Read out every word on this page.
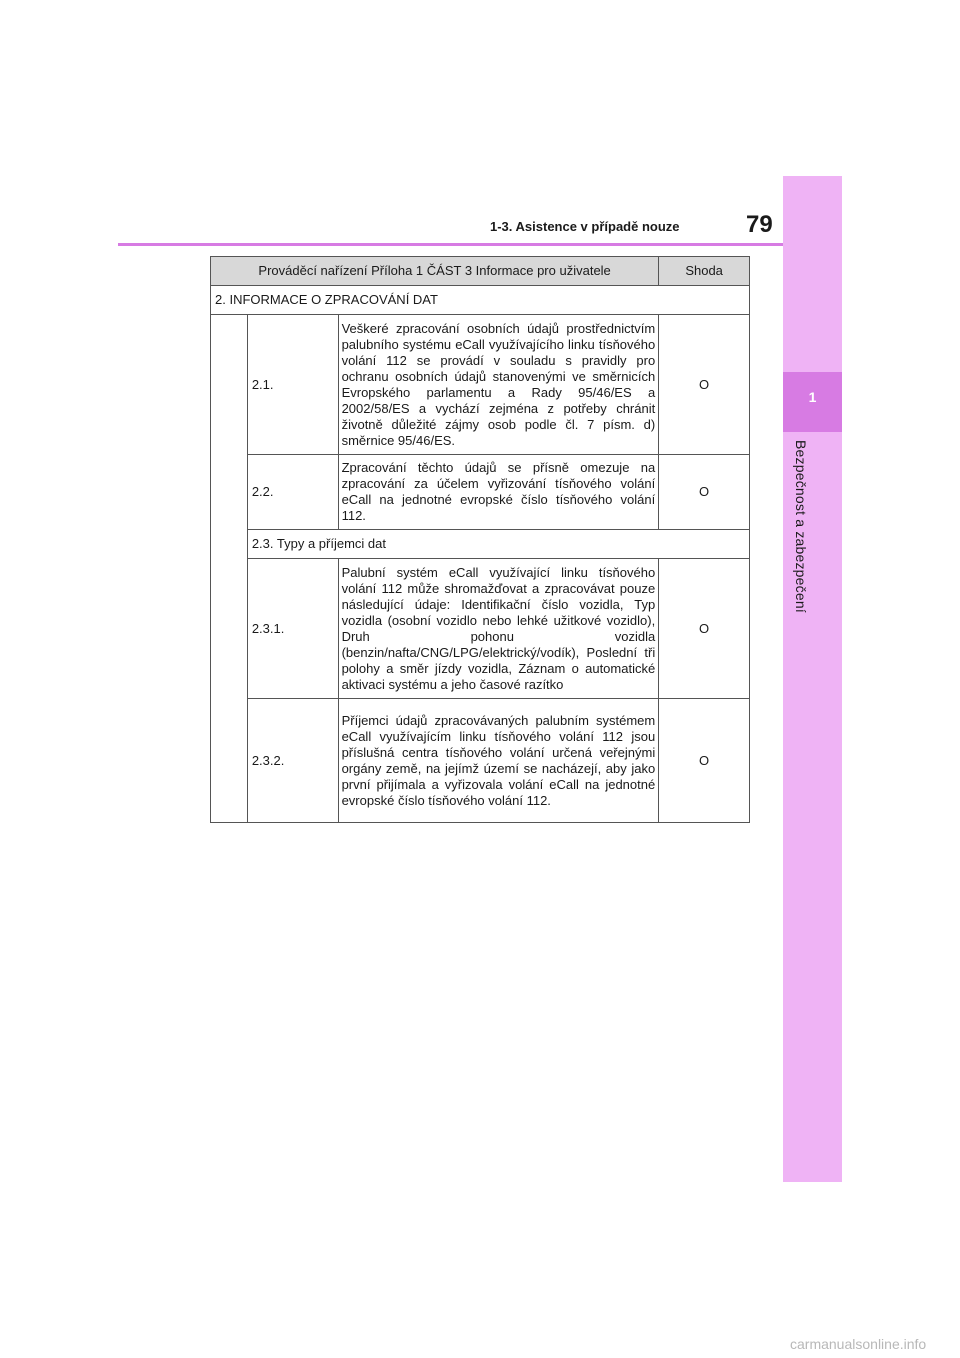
1
Bezpečnost a zabezpečení
1-3. Asistence v případě nouze	79
Prováděcí nařízení Příloha 1 ČÁST 3 Informace pro uživatele			Shoda
2. INFORMACE O ZPRACOVÁNÍ DAT			
	2.1.	Veškeré zpracování osobních údajů prostřednictvím palubního systému eCall využívajícího linku tísňového volání 112 se provádí v souladu s pravidly pro ochranu osobních údajů stanovenými ve směrnicích Evropského parlamentu a Rady 95/46/ES a 2002/58/ES a vychází zejména z potřeby chránit životně důležité zájmy osob podle čl. 7 písm. d) směrnice 95/46/ES.	O
	2.2.	Zpracování těchto údajů se přísně omezuje na zpracování za účelem vyřizování tísňového volání eCall na jednotné evropské číslo tísňového volání 112.	O
	2.3. Typy a příjemci dat		
	2.3.1.	Palubní systém eCall využívající linku tísňového volání 112 může shromažďovat a zpracovávat pouze následující údaje: Identifikační číslo vozidla, Typ vozidla (osobní vozidlo nebo lehké užitkové vozidlo), Druh pohonu vozidla (benzin/nafta/CNG/LPG/elektrický/vodík), Poslední tři polohy a směr jízdy vozidla, Záznam o automatické aktivaci systému a jeho časové razítko	O
	2.3.2.	Příjemci údajů zpracovávaných palubním systémem eCall využívajícím linku tísňového volání 112 jsou příslušná centra tísňového volání určená veřejnými orgány země, na jejímž území se nacházejí, aby jako první přijímala a vyřizovala volání eCall na jednotné evropské číslo tísňového volání 112.	O
carmanualsonline.info
